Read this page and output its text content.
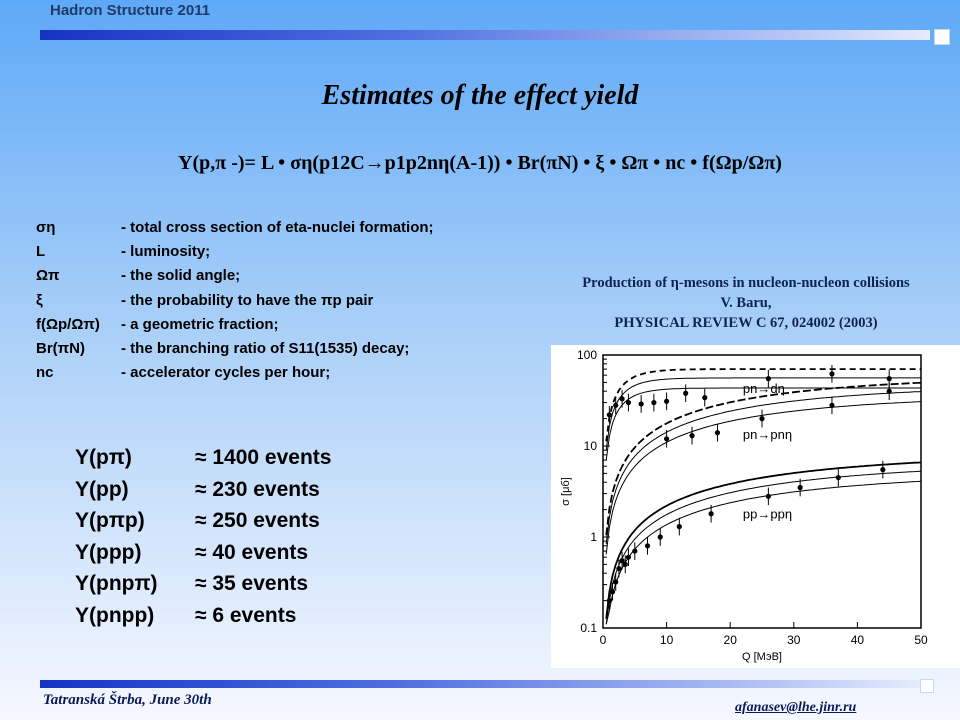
Hadron Structure 2011
Estimates of the effect yield
Y(p,π -)= L • ση(p12C→p1p2nη(A-1)) • Br(πN) • ξ • Ωπ • nc • f(Ωp/Ωπ)
ση	- total cross section of eta-nuclei formation;
L	- luminosity;
Ωπ	- the solid angle;
ξ	- the probability to have the πp pair
f(Ωp/Ωπ)	- a geometric fraction;
Br(πN)	- the branching ratio of S11(1535) decay;
nc	- accelerator cycles per hour;
Production of η-mesons in nucleon-nucleon collisions
V. Baru,
PHYSICAL REVIEW C 67, 024002 (2003)
0	10	20	30	40	50
0.1
1
10
100
Q [МэВ]
σ [μб]
pn→dη
pn→pnη
pp→ppη
Y(pπ)	≈ 1400 events
Y(pp)	≈ 230 events
Y(pπp)	≈ 250 events
Y(ppp)	≈ 40 events
Y(pnpπ)	≈ 35 events
Y(pnpp)	≈ 6 events
Tatranská Štrba, June 30th	afanasev@lhe.jinr.ru
